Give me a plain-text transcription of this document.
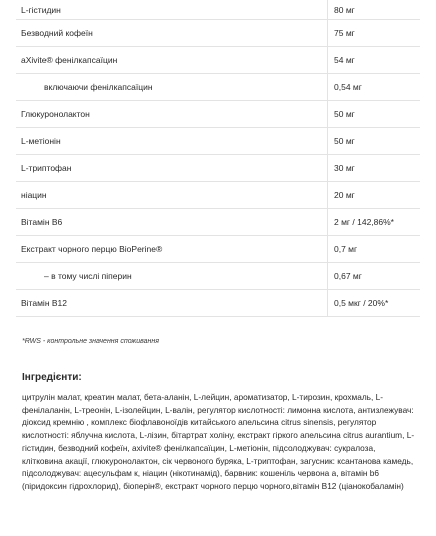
L-гістидин	80 мг
Безводний кофеїн	75 мг
aXivite® фенілкапсаїцин	54 мг
включаючи фенілкапсаїцин	0,54 мг
Глюкуронолактон	50 мг
L-метіонін	50 мг
L-триптофан	30 мг
ніацин	20 мг
Вітамін B6	2 мг / 142,86%*
Екстракт чорного перцю BioPerine®	0,7 мг
– в тому числі піперин	0,67 мг
Вітамін B12	0,5 мкг / 20%*

*RWS - контрольне значення споживання

Інгредієнти:

цитрулін малат, креатин малат, бета-аланін, L-лейцин, ароматизатор, L-тирозин, крохмаль, L-фенілаланін, L-треонін, L-ізолейцин, L-валін, регулятор кислотності: лимонна кислота, антизлежувач: діоксид кремнію , комплекс біофлавоноїдів китайського апельсина citrus sinensis, регулятор кислотності: яблучна кислота, L-лізин, бітартрат холіну, екстракт гіркого апельсина citrus aurantium, L-гістидин, безводний кофеїн, axivite® фенілкапсаїцин, L-метіонін, підсолоджувач: сукралоза, клітковина акації, глюкуронолактон, сік червоного буряка, L-триптофан, загусник: ксантанова камедь, підсолоджувач: ацесульфам к, ніацин (нікотинамід), барвник: кошеніль червона а, вітамін b6 (піридоксин гідрохлорид), біоперін®, екстракт чорного перцю чорного,вітамін B12 (ціанокобаламін)
